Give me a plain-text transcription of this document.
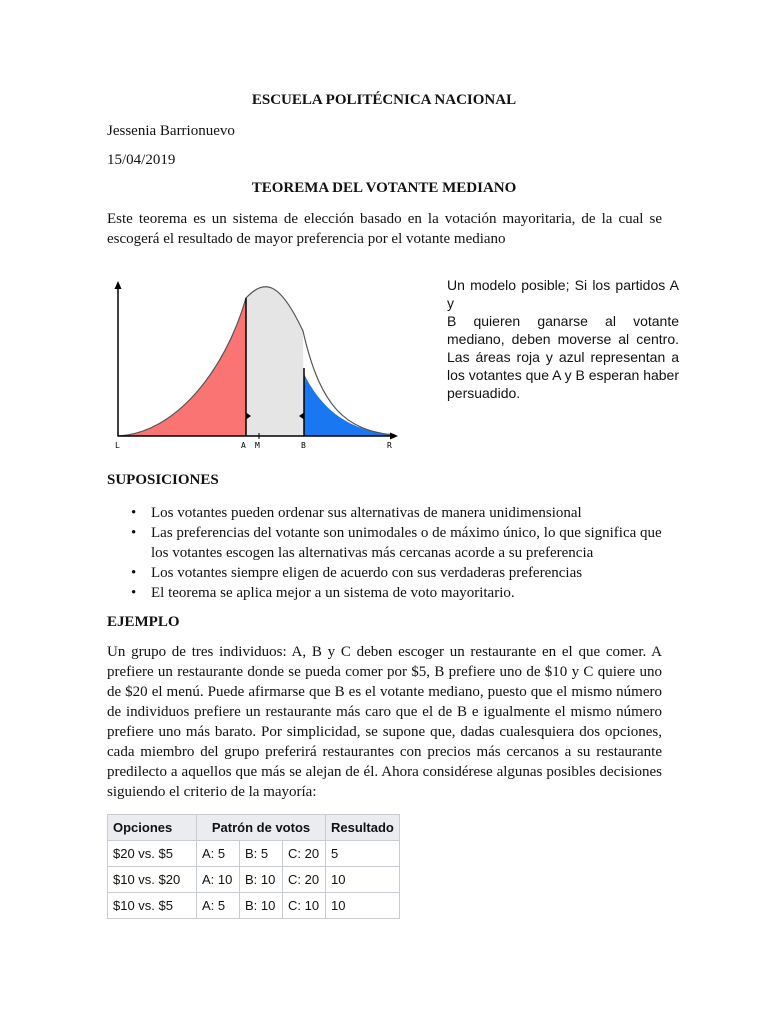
ESCUELA POLITÉCNICA NACIONAL
Jessenia Barrionuevo
15/04/2019
TEOREMA DEL VOTANTE MEDIANO
Este teorema es un sistema de elección basado en la votación mayoritaria, de la cual se
escogerá el resultado de mayor preferencia por el votante mediano
L	A M	B	R
Un modelo posible; Si los partidos A y
B quieren ganarse al votante
mediano, deben moverse al centro.
Las áreas roja y azul representan a
los votantes que A y B esperan haber
persuadido.
SUPOSICIONES
• Los votantes pueden ordenar sus alternativas de manera unidimensional
• Las preferencias del votante son unimodales o de máximo único, lo que significa que
los votantes escogen las alternativas más cercanas acorde a su preferencia
• Los votantes siempre eligen de acuerdo con sus verdaderas preferencias
• El teorema se aplica mejor a un sistema de voto mayoritario.
EJEMPLO
Un grupo de tres individuos: A, B y C deben escoger un restaurante en el que comer. A
prefiere un restaurante donde se pueda comer por $5, B prefiere uno de $10 y C quiere uno
de $20 el menú. Puede afirmarse que B es el votante mediano, puesto que el mismo número
de individuos prefiere un restaurante más caro que el de B e igualmente el mismo número
prefiere uno más barato. Por simplicidad, se supone que, dadas cualesquiera dos opciones,
cada miembro del grupo preferirá restaurantes con precios más cercanos a su restaurante
predilecto a aquellos que más se alejan de él. Ahora considérese algunas posibles decisiones
siguiendo el criterio de la mayoría:
Opciones	Patrón de votos			Resultado
$20 vs. $5	A: 5	B: 5	C: 20	5
$10 vs. $20	A: 10	B: 10	C: 20	10
$10 vs. $5	A: 5	B: 10	C: 10	10
